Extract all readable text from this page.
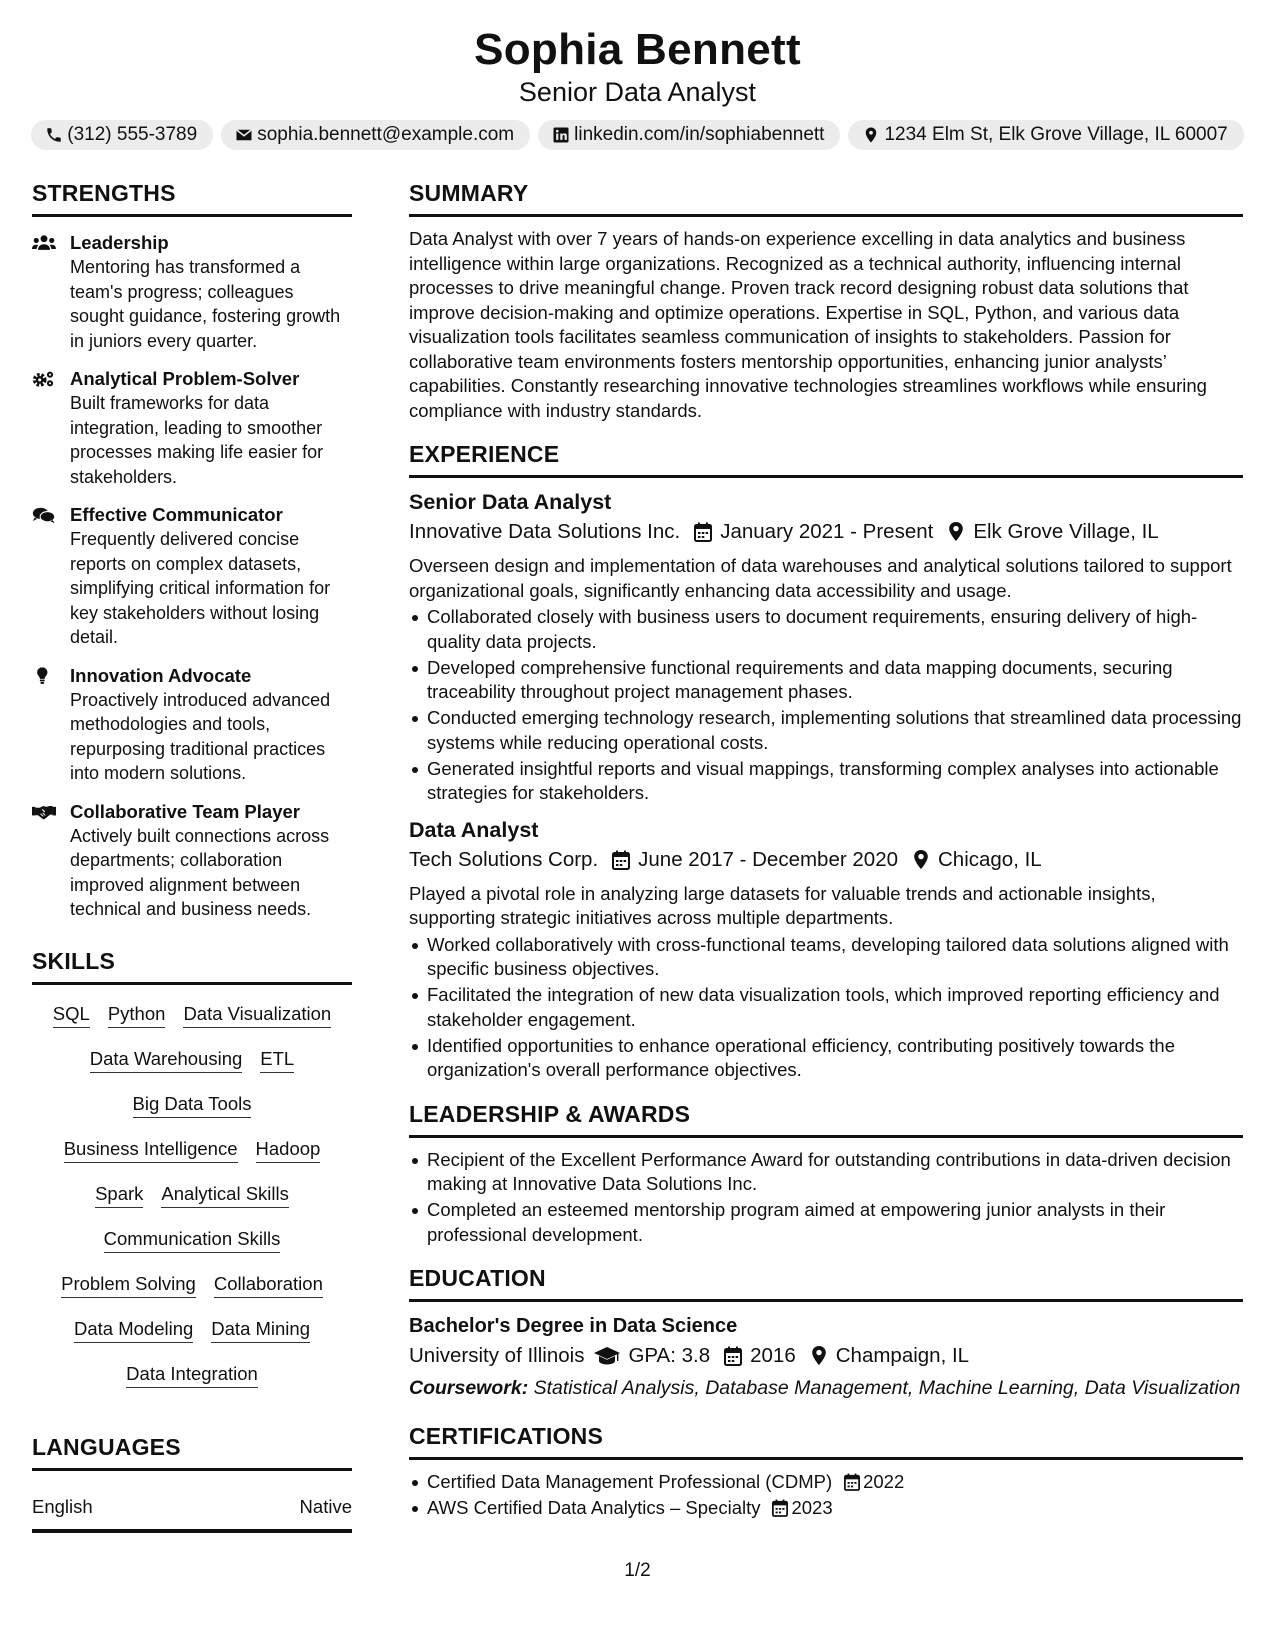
Sophia Bennett
Senior Data Analyst
(312) 555-3789	sophia.bennett@example.com	linkedin.com/in/sophiabennett	1234 Elm St, Elk Grove Village, IL 60007
STRENGTHS
Leadership
Mentoring has transformed a team's progress; colleagues sought guidance, fostering growth in juniors every quarter.
Analytical Problem-Solver
Built frameworks for data integration, leading to smoother processes making life easier for stakeholders.
Effective Communicator
Frequently delivered concise reports on complex datasets, simplifying critical information for key stakeholders without losing detail.
Innovation Advocate
Proactively introduced advanced methodologies and tools, repurposing traditional practices into modern solutions.
Collaborative Team Player
Actively built connections across departments; collaboration improved alignment between technical and business needs.
SKILLS
SQL Python Data Visualization
Data Warehousing ETL
Big Data Tools
Business Intelligence Hadoop
Spark Analytical Skills
Communication Skills
Problem Solving Collaboration
Data Modeling Data Mining
Data Integration
LANGUAGES
English	Native
SUMMARY
Data Analyst with over 7 years of hands-on experience excelling in data analytics and business intelligence within large organizations. Recognized as a technical authority, influencing internal processes to drive meaningful change. Proven track record designing robust data solutions that improve decision-making and optimize operations. Expertise in SQL, Python, and various data visualization tools facilitates seamless communication of insights to stakeholders. Passion for collaborative team environments fosters mentorship opportunities, enhancing junior analysts’ capabilities. Constantly researching innovative technologies streamlines workflows while ensuring compliance with industry standards.
EXPERIENCE
Senior Data Analyst
Innovative Data Solutions Inc. January 2021 - Present Elk Grove Village, IL
Overseen design and implementation of data warehouses and analytical solutions tailored to support organizational goals, significantly enhancing data accessibility and usage.
Collaborated closely with business users to document requirements, ensuring delivery of high-quality data projects.
Developed comprehensive functional requirements and data mapping documents, securing traceability throughout project management phases.
Conducted emerging technology research, implementing solutions that streamlined data processing systems while reducing operational costs.
Generated insightful reports and visual mappings, transforming complex analyses into actionable strategies for stakeholders.
Data Analyst
Tech Solutions Corp. June 2017 - December 2020 Chicago, IL
Played a pivotal role in analyzing large datasets for valuable trends and actionable insights, supporting strategic initiatives across multiple departments.
Worked collaboratively with cross-functional teams, developing tailored data solutions aligned with specific business objectives.
Facilitated the integration of new data visualization tools, which improved reporting efficiency and stakeholder engagement.
Identified opportunities to enhance operational efficiency, contributing positively towards the organization's overall performance objectives.
LEADERSHIP & AWARDS
Recipient of the Excellent Performance Award for outstanding contributions in data-driven decision making at Innovative Data Solutions Inc.
Completed an esteemed mentorship program aimed at empowering junior analysts in their professional development.
EDUCATION
Bachelor's Degree in Data Science
University of Illinois GPA: 3.8 2016 Champaign, IL
Coursework: Statistical Analysis, Database Management, Machine Learning, Data Visualization
CERTIFICATIONS
Certified Data Management Professional (CDMP) 2022
AWS Certified Data Analytics – Specialty 2023
1/2
